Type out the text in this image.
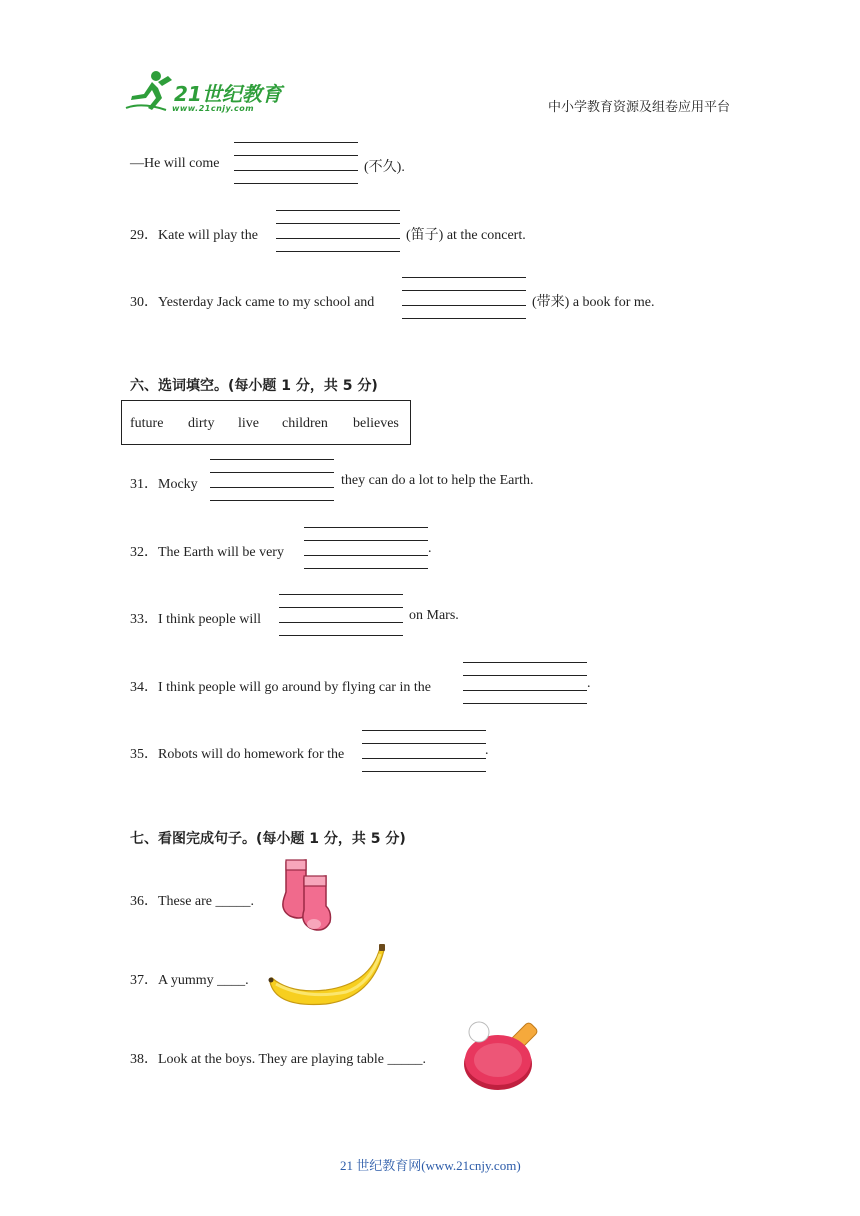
21世纪教育
www.21cnjy.com	中小学教育资源及组卷应用平台
—He will come	(不久).
29．Kate will play the	(笛子) at the concert.
30．Yesterday Jack came to my school and	(带来) a book for me.
六、选词填空。(每小题 1 分，共 5 分)
future dirty live children believes
31．Mocky	they can do a lot to help the Earth.
32．The Earth will be very	.
33．I think people will	on Mars.
34．I think people will go around by flying car in the	.
35．Robots will do homework for the	.
七、看图完成句子。(每小题 1 分，共 5 分)
36．These are _____.
37．A yummy ____.
38．Look at the boys. They are playing table _____.
21 世纪教育网(www.21cnjy.com)
